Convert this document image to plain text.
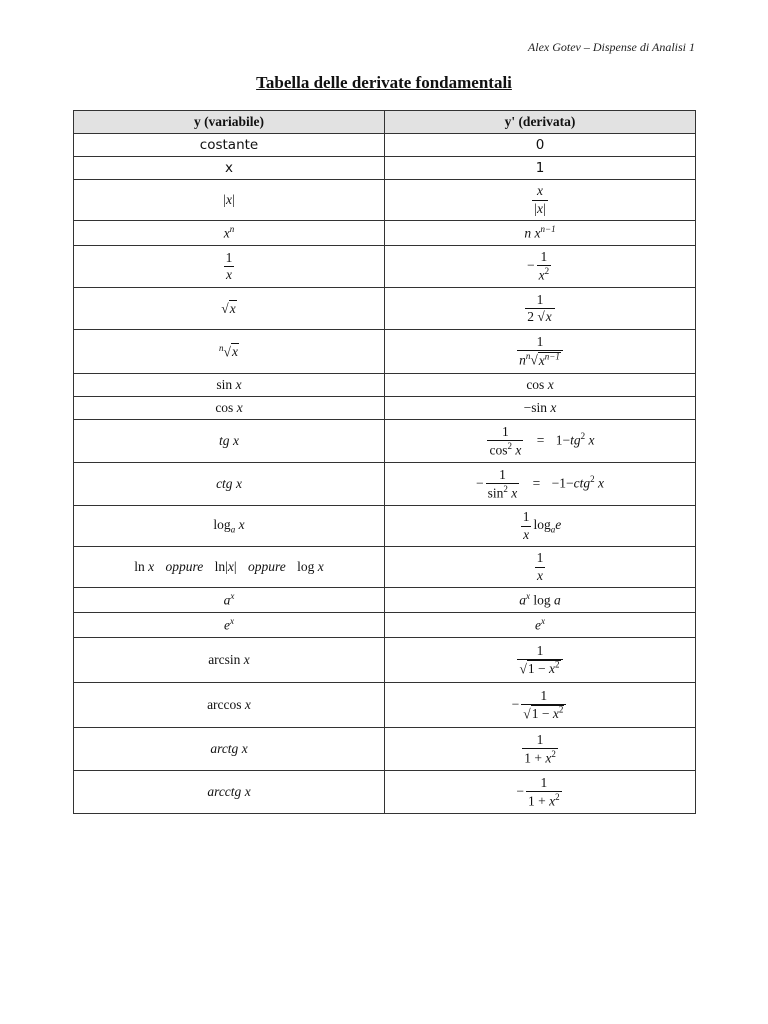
Alex Gotev – Dispense di Analisi 1
Tabella delle derivate fondamentali
y (variabile)	y' (derivata)
costante	0
x	1
|x|	$\frac{x}{|x|}$

$x^n$	n $x^{n-1}$

$\frac{1}{x}$	− $\frac{1}{x^2}$

√x	$\frac{1}{2 √x}$

$^n$√x	$\frac{1}{n^n√x^{n-1}}$

sin x	cos x
cos x	−sin x
tg x	$\frac{1}{\cos^2 x} = 1-tg^2$ x
ctg x	− $\frac{1}{\sin^2 x} = -1-ctg^2$ x
$\log_a x$	$\frac{1}{x} \log_ae$
ln x oppure ln|x| oppure log x	$\frac{1}{x}$

$a^x$	$a^x$ log a
$e^x$	$e^x$
arcsin x	$\frac{1}{√1 - x^2}$

arccos x	− $\frac{1}{√1 - x^2}$

arctg x	$\frac{1}{1 + x^2}$

arcctg x	− $\frac{1}{1 + x^2}$
